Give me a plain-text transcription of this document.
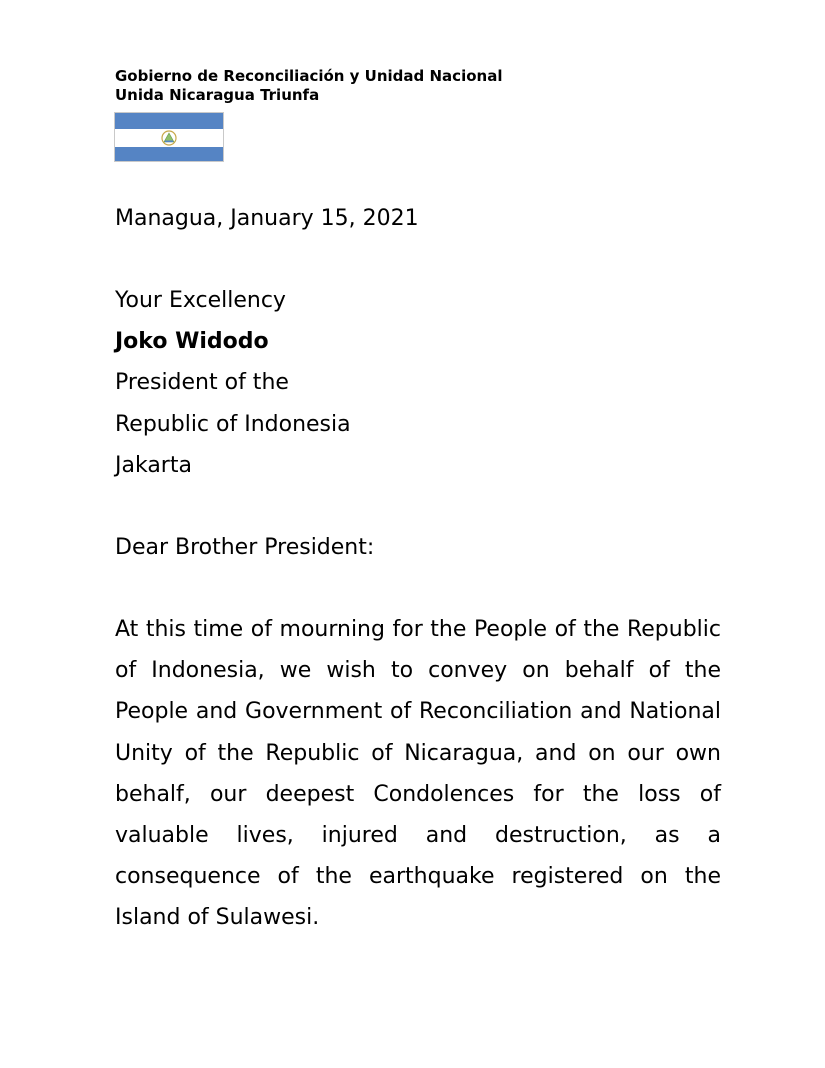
Gobierno de Reconciliación y Unidad Nacional
Unida Nicaragua Triunfa

Managua, January 15, 2021

Your Excellency
Joko Widodo
President of the
Republic of Indonesia
Jakarta

Dear Brother President:

At this time of mourning for the People of the Republic of Indonesia, we wish to convey on behalf of the People and Government of Reconciliation and National Unity of the Republic of Nicaragua, and on our own behalf, our deepest Condolences for the loss of valuable lives, injured and destruction, as a consequence of the earthquake registered on the Island of Sulawesi.
